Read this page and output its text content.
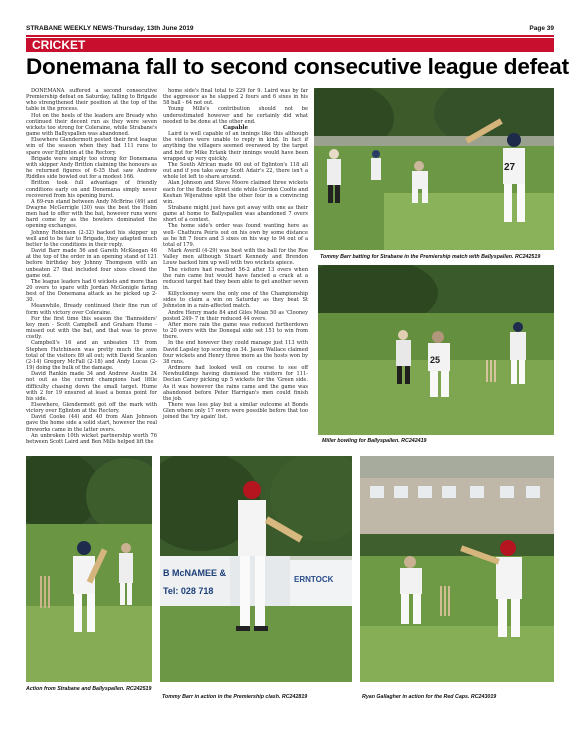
STRABANE WEEKLY NEWS-Thursday, 13th June 2019	Page 39
CRICKET
Donemana fall to second consecutive league defeat

DONEMANA suffered a second consecutive Premiership defeat on Saturday, falling to Brigade who strengthened their position at the top of the table in the process.

Hot on the heels of the leaders are Bready who continued their decent run as they were seven wickets too strong for Coleraine, while Strabane's game with Ballyspallen was abandoned.

Elsewhere Glendermott posted their first league win of the season when they had 111 runs to spare over Eglinton at the Rectory.

Brigade were simply too strong for Donemana with skipper Andy Britton claiming the honours as he returned figures of 6-35 that saw Andrew Riddles side bowled out for a modest 166.

Britton took full advantage of friendly conditions early on and Donemana simply never recovered from his opening burst.

A 69-run stand between Andy McBrine (49) and Dwayne McGerrigle (30) was the best the Holm men had to offer with the bat, however runs were hard come by as the bowlers dominated the opening exchanges.

Johnny Robinson (2-32) backed his skipper up well and to be fair to Brigade, they adapted much better to the conditions in their reply.

David Barr made 56 and Gareth McKeegan 46 at the top of the order in an opening stand of 121 before birthday boy Johnny Thompson with an unbeaten 27 that included four sixes closed the game out.

The league leaders had 6 wickets and more than 20 overs to spare with Jordan McGonigle faring best of the Donemana attack as he picked up 2-30.

Meanwhile, Bready continued their fine run of form with victory over Coleraine.

For the first time this season the 'Bannsiders' key men - Scott Campbell and Graham Hume - missed out with the bat, and that was to prove costly.

Campbell's 16 and an unbeaten 15 from Stephen Hutchinson was pretty much the sum total of the visitors 89 all out; with David Scanlon (2-14) Gregory McFall (2-18) and Andy Lucas (2-19) doing the bulk of the damage.

David Rankin made 34 and Andrew Austin 24 not out as the current champions had little difficulty chasing down the small target. Hume with 2 for 19 ensured at least a bonus point for his side.

Elsewhere, Glendermott got off the mark with victory over Eglinton at the Rectory.

David Cooke (44) and 40 from Alan Johnson gave the home side a solid start, however the real fireworks came in the latter overs.

An unbroken 10th wicket partnership worth 76 between Scott Laird and Ben Mills helped lift the

home side's final total to 229 for 9. Laird was by far the aggressor as he slapped 2 fours and 6 sixes in his 58 ball - 64 not out.

Young Mills's contribution should not be underestimated however and he certainly did what needed to be done at the other end.

Capable

Laird is well capable of an innings like this although the visitors were unable to reply in kind. In fact if anything the villagers seemed overawed by the target and but for Mike Erlank their innings would have been wrapped up very quickly.

The South African made 60 out of Eglinton's 118 all out and if you take away Scott Adair's 22, there isn't a whole lot left to share around.

Alan Johnson and Steve Moore claimed three wickets each for the Bonds Street side while Gordon Coolte and Keshan Wijerathne split the other four in a convincing win.

Strabane might just have got away with one as their game at home to Ballyspallen was abandoned 7 overs short of a contest.

The home side's order was found wanting here as well- Chathura Peiris out on his own by some distance as he hit 7 fours and 3 sixes on his way to 94 out of a total of 179.

Mark Averill (4-29) was best with the ball for the Roe Valley men although Stuart Kennedy and Brendon Louw backed him up well with two wickets apiece.

The visitors had reached 56-2 after 13 overs when the rain came but would have fancied a crack at a reduced target had they been able to get another seven in.

Killyclooney were the only one of the Championship sides to claim a win on Saturday as they beat St Johnston in a rain-affected match.

Andre Henry made 84 and Giles Moan 50 as 'Clooney posted 249- 7 in their reduced 44 overs.

After more rain the game was reduced furtherdown to 20 overs with the Donegal side set 151 to win from there.

In the end however they could manage just 113 with David Lapsley top scoring on 34. Jason Wallace claimed four wickets and Henry three more as the hosts won by 38 runs.

Ardmore had looked well on course to see off Newbuildings having dismissed the visitors for 111-Declan Carey picking up 5 wickets for the 'Green side. As it was however the rains came and the game was abandoned before Peter Harrigan's men could finish the job.

There was less play but a similar outcome at Bonds Glen where only 17 overs were possible before that too joined the 'try again' list.

27
Tommy Barr batting for Strabane in the Premiership match with Ballyspallen. RC242519
25
Miller bowling for Ballyspallen. RC242419
Action from Strabane and Ballyspallen. RC242519
B McNAMEE &
Tel: 028 718
ERNTOCK
Tommy Barr in action in the Premiership clash. RC242819	Ryan Gallagher in action for the Red Caps. RC243019
